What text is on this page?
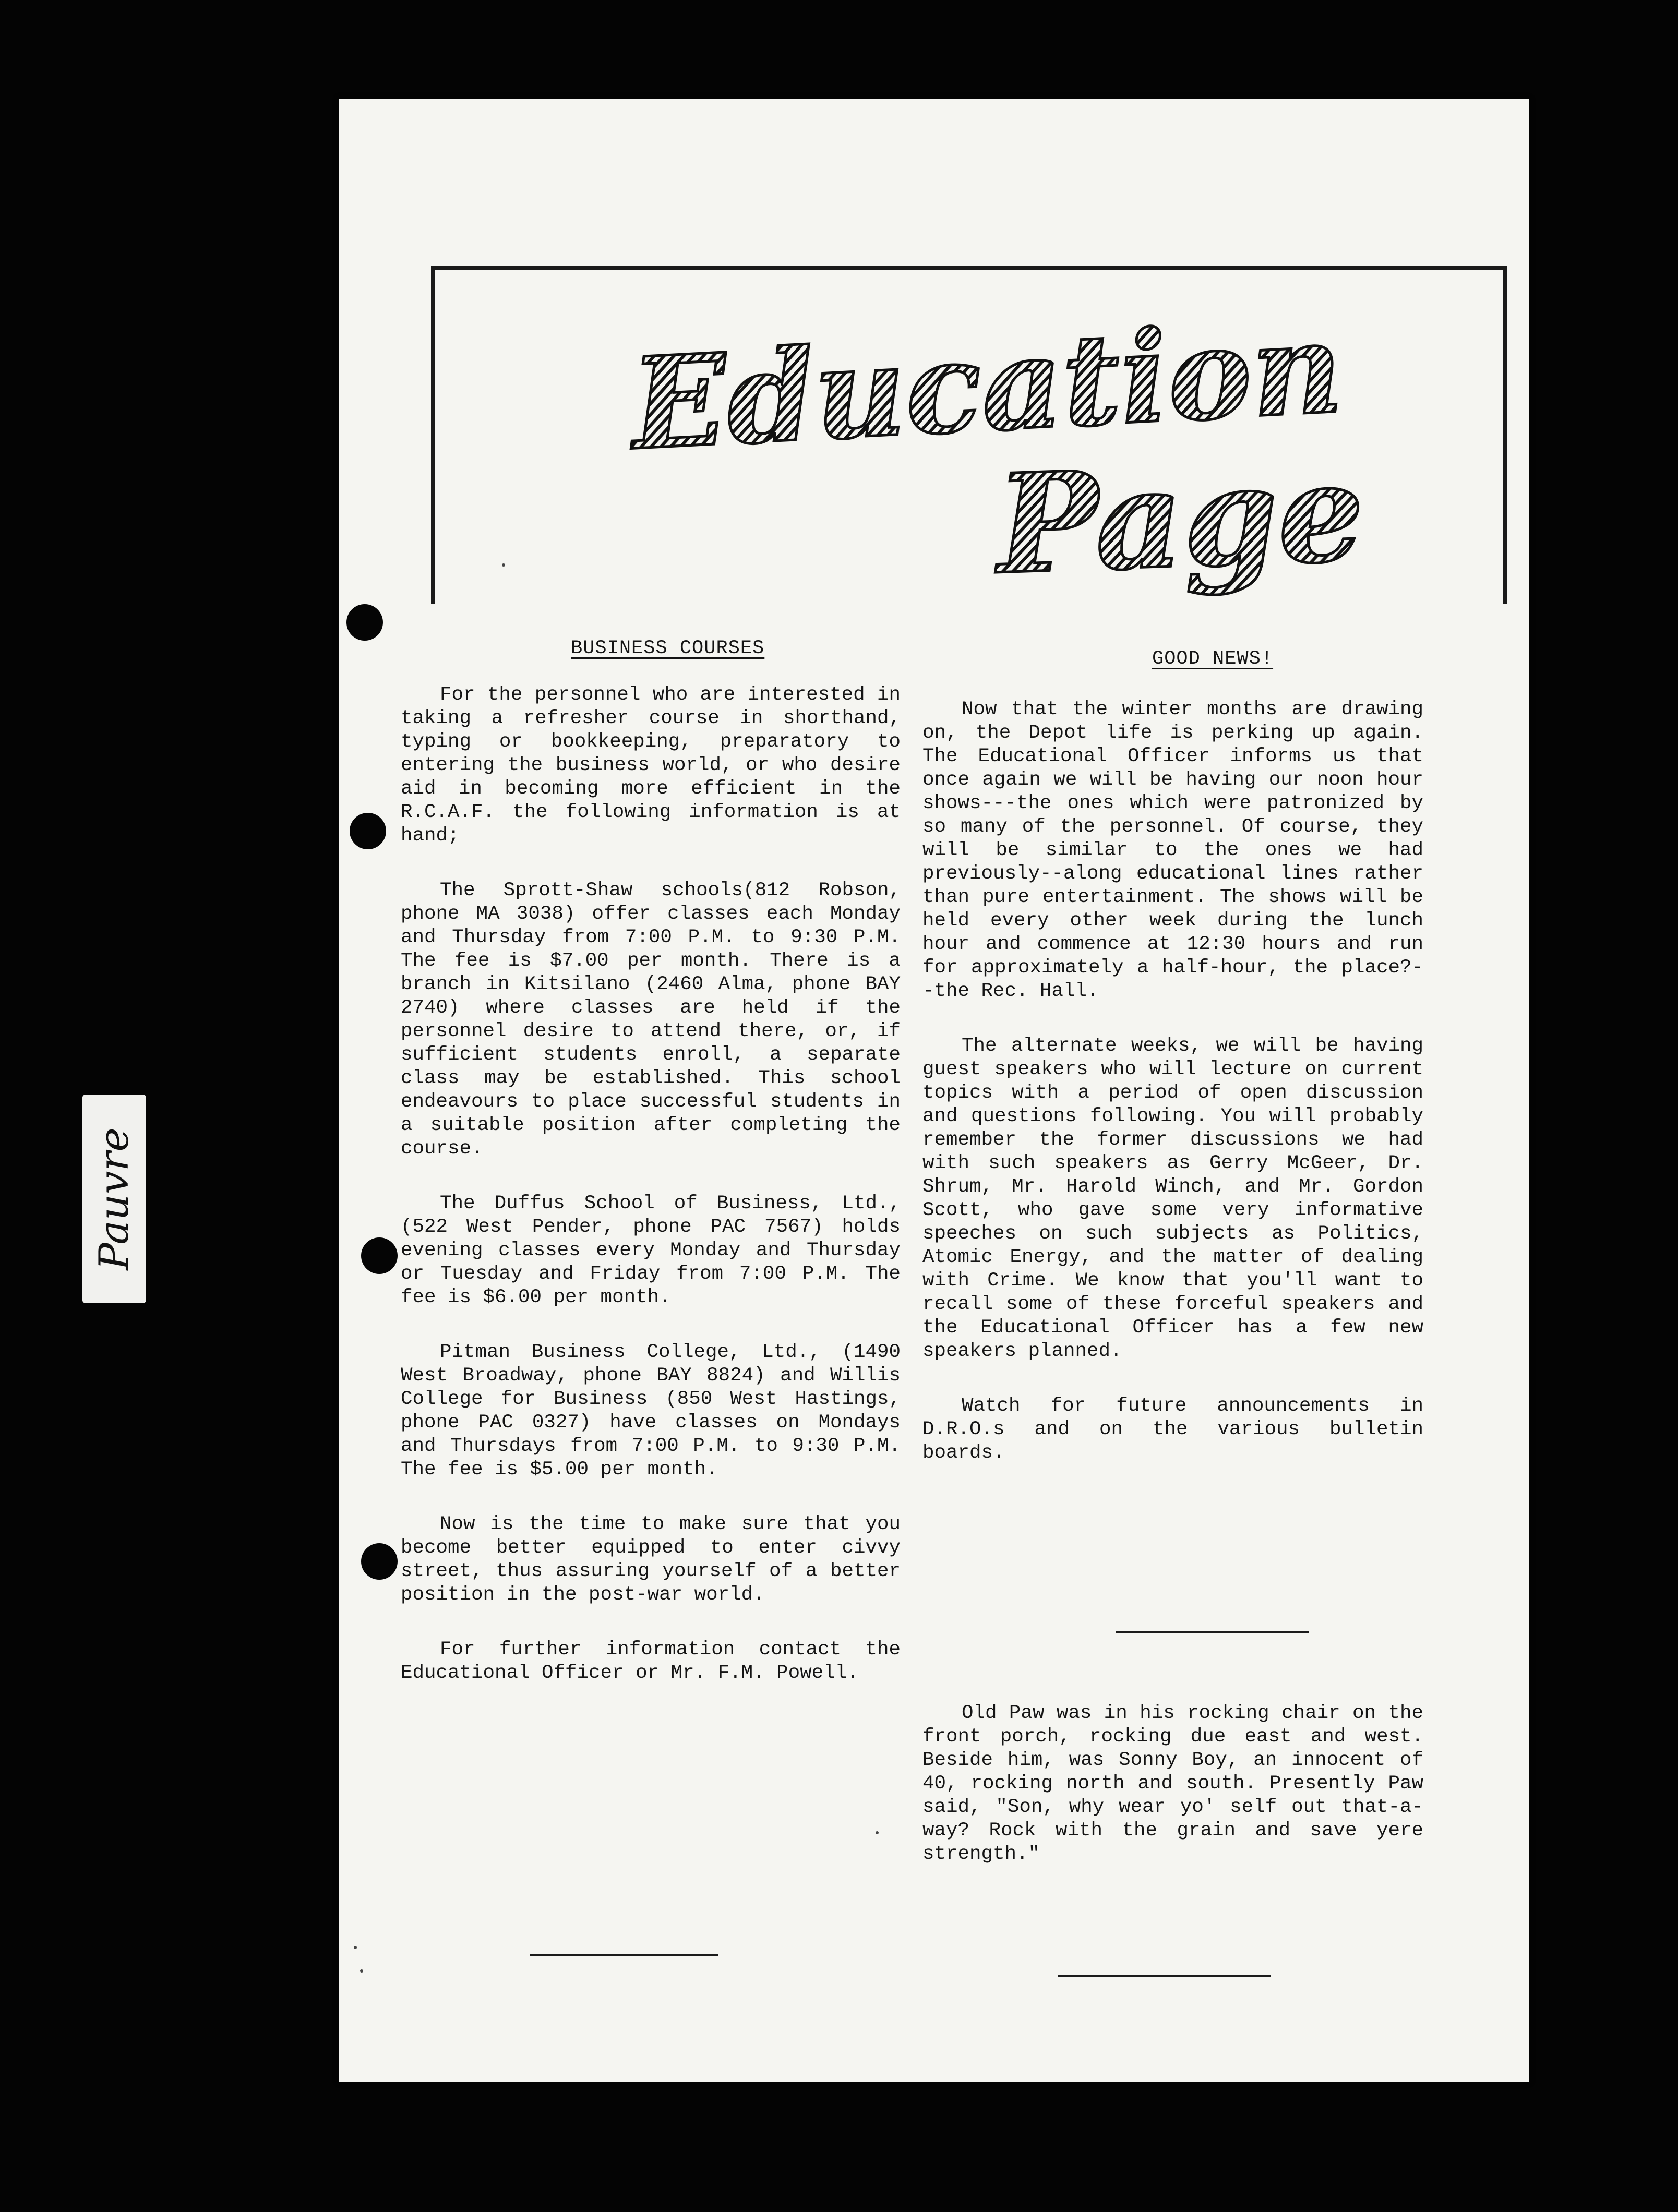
Pauvre
Education
Page
BUSINESS COURSES	GOOD NEWS!

For the personnel who are interested in taking a refresher course in shorthand, typing or bookkeeping, preparatory to entering the business world, or who desire aid in becoming more efficient in the R.C.A.F. the following information is at hand;

The Sprott-Shaw schools(812 Robson, phone MA 3038) offer classes each Monday and Thursday from 7:00 P.M. to 9:30 P.M. The fee is $7.00 per month. There is a branch in Kitsilano (2460 Alma, phone BAY 2740) where classes are held if the personnel desire to attend there, or, if sufficient students enroll, a separate class may be established. This school endeavours to place successful students in a suitable position after completing the course.

The Duffus School of Business, Ltd., (522 West Pender, phone PAC 7567) holds evening classes every Monday and Thursday or Tuesday and Friday from 7:00 P.M. The fee is $6.00 per month.

Pitman Business College, Ltd., (1490 West Broadway, phone BAY 8824) and Willis College for Business (850 West Hastings, phone PAC 0327) have classes on Mondays and Thursdays from 7:00 P.M. to 9:30 P.M. The fee is $5.00 per month.

Now is the time to make sure that you become better equipped to enter civvy street, thus assuring yourself of a better position in the post-war world.

For further information contact the Educational Officer or Mr. F.M. Powell.

Now that the winter months are drawing on, the Depot life is perking up again. The Educational Officer informs us that once again we will be having our noon hour shows---the ones which were patronized by so many of the personnel. Of course, they will be similar to the ones we had previously--along educational lines rather than pure entertainment. The shows will be held every other week during the lunch hour and commence at 12:30 hours and run for approximately a half-hour, the place?--the Rec. Hall.

The alternate weeks, we will be having guest speakers who will lecture on current topics with a period of open discussion and questions following. You will probably remember the former discussions we had with such speakers as Gerry McGeer, Dr. Shrum, Mr. Harold Winch, and Mr. Gordon Scott, who gave some very informative speeches on such subjects as Politics, Atomic Energy, and the matter of dealing with Crime. We know that you'll want to recall some of these forceful speakers and the Educational Officer has a few new speakers planned.

Watch for future announcements in D.R.O.s and on the various bulletin boards.

Old Paw was in his rocking chair on the front porch, rocking due east and west. Beside him, was Sonny Boy, an innocent of 40, rocking north and south. Presently Paw said, "Son, why wear yo' self out that-a-way? Rock with the grain and save yere strength."
